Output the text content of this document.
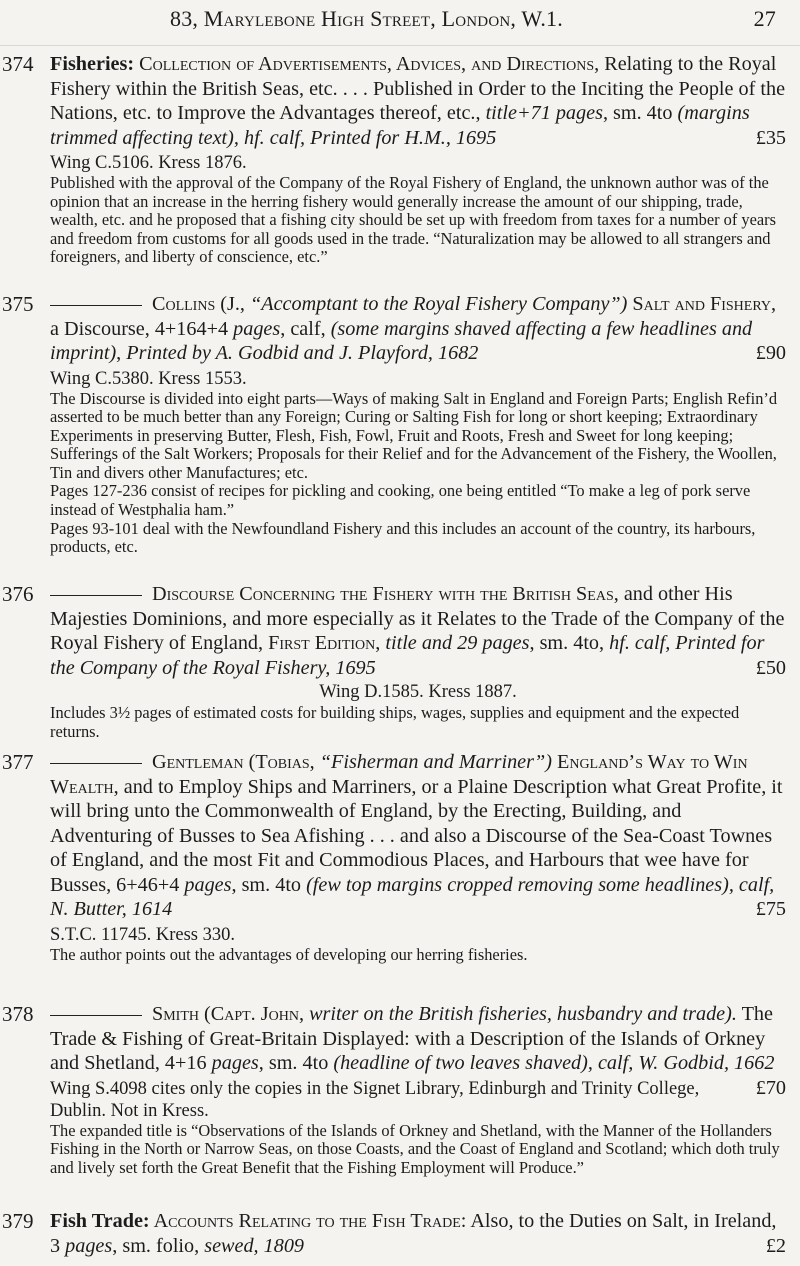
83, Marylebone High Street, London, W.1.	27
374 Fisheries: Collection of Advertisements, Advices, and Directions, Relating to the Royal Fishery within the British Seas, etc. . . . Published in Order to the Inciting the People of the Nations, etc. to Improve the Advantages thereof, etc., title+71 pages, sm. 4to (margins trimmed affecting text), hf. calf, Printed for H.M., 1695	£35

Wing C.5106. Kress 1876.

Published with the approval of the Company of the Royal Fishery of England, the unknown author was of the opinion that an increase in the herring fishery would generally increase the amount of our shipping, trade, wealth, etc. and he proposed that a fishing city should be set up with freedom from taxes for a number of years and freedom from customs for all goods used in the trade. “Naturalization may be allowed to all strangers and foreigners, and liberty of conscience, etc.”

375	Collins (J., “Accomptant to the Royal Fishery Company”) Salt and Fishery, a Discourse, 4+164+4 pages, calf, (some margins shaved affecting a few headlines and imprint), Printed by A. Godbid and J. Playford, 1682	£90

Wing C.5380. Kress 1553.

The Discourse is divided into eight parts—Ways of making Salt in England and Foreign Parts; English Refin’d asserted to be much better than any Foreign; Curing or Salting Fish for long or short keeping; Extraordinary Experiments in preserving Butter, Flesh, Fish, Fowl, Fruit and Roots, Fresh and Sweet for long keeping; Sufferings of the Salt Workers; Proposals for their Relief and for the Advancement of the Fishery, the Woollen, Tin and divers other Manufactures; etc.

Pages 127-236 consist of recipes for pickling and cooking, one being entitled “To make a leg of pork serve instead of Westphalia ham.”

Pages 93-101 deal with the Newfoundland Fishery and this includes an account of the country, its harbours, products, etc.

376	Discourse Concerning the Fishery with the British Seas, and other His Majesties Dominions, and more especially as it Relates to the Trade of the Company of the Royal Fishery of England, First Edition, title and 29 pages, sm. 4to, hf. calf, Printed for the Company of the Royal Fishery, 1695	£50

Wing D.1585. Kress 1887.

Includes 3½ pages of estimated costs for building ships, wages, supplies and equipment and the expected returns.

377	Gentleman (Tobias, “Fisherman and Marriner”) England’s Way to Win Wealth, and to Employ Ships and Marriners, or a Plaine Description what Great Profite, it will bring unto the Commonwealth of England, by the Erecting, Building, and Adventuring of Busses to Sea Afishing . . . and also a Discourse of the Sea-Coast Townes of England, and the most Fit and Commodious Places, and Harbours that wee have for Busses, 6+46+4 pages, sm. 4to (few top margins cropped removing some headlines), calf, N. Butter, 1614	£75

S.T.C. 11745. Kress 330.

The author points out the advantages of developing our herring fisheries.

378	Smith (Capt. John, writer on the British fisheries, husbandry and trade). The Trade & Fishing of Great-Britain Displayed: with a Description of the Islands of Orkney and Shetland, 4+16 pages, sm. 4to (headline of two leaves shaved), calf, W. Godbid, 1662
£70

Wing S.4098 cites only the copies in the Signet Library, Edinburgh and Trinity College, Dublin. Not in Kress.

The expanded title is “Observations of the Islands of Orkney and Shetland, with the Manner of the Hollanders Fishing in the North or Narrow Seas, on those Coasts, and the Coast of England and Scotland; which doth truly and lively set forth the Great Benefit that the Fishing Employment will Produce.”

379 Fish Trade: Accounts Relating to the Fish Trade: Also, to the Duties on Salt, in Ireland, 3 pages, sm. folio, sewed, 1809	£2
